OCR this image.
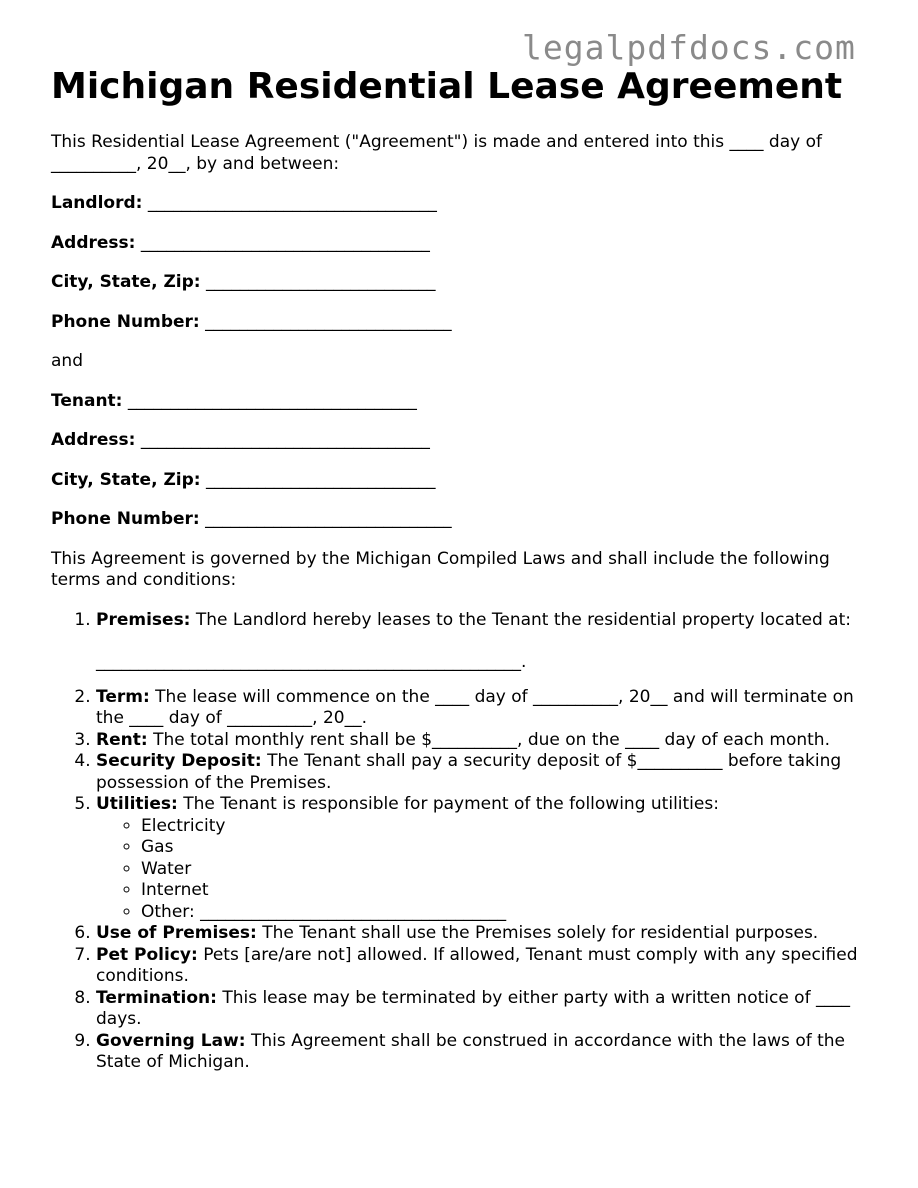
legalpdfdocs.com
Michigan Residential Lease Agreement

This Residential Lease Agreement ("Agreement") is made and entered into this ____ day of __________, 20__, by and between:

Landlord: __________________________________

Address: __________________________________

City, State, Zip: ___________________________

Phone Number: _____________________________

and

Tenant: __________________________________

Address: __________________________________

City, State, Zip: ___________________________

Phone Number: _____________________________

This Agreement is governed by the Michigan Compiled Laws and shall include the following terms and conditions:

1. Premises: The Landlord hereby leases to the Tenant the residential property located at:

__________________________________________________.

2. Term: The lease will commence on the ____ day of __________, 20__ and will terminate on the ____ day of __________, 20__.
3. Rent: The total monthly rent shall be $__________, due on the ____ day of each month.
4. Security Deposit: The Tenant shall pay a security deposit of $__________ before taking possession of the Premises.
5. Utilities: The Tenant is responsible for payment of the following utilities:
◦ Electricity
◦ Gas
◦ Water
◦ Internet
◦ Other: ____________________________________
6. Use of Premises: The Tenant shall use the Premises solely for residential purposes.
7. Pet Policy: Pets [are/are not] allowed. If allowed, Tenant must comply with any specified conditions.
8. Termination: This lease may be terminated by either party with a written notice of ____ days.
9. Governing Law: This Agreement shall be construed in accordance with the laws of the State of Michigan.
